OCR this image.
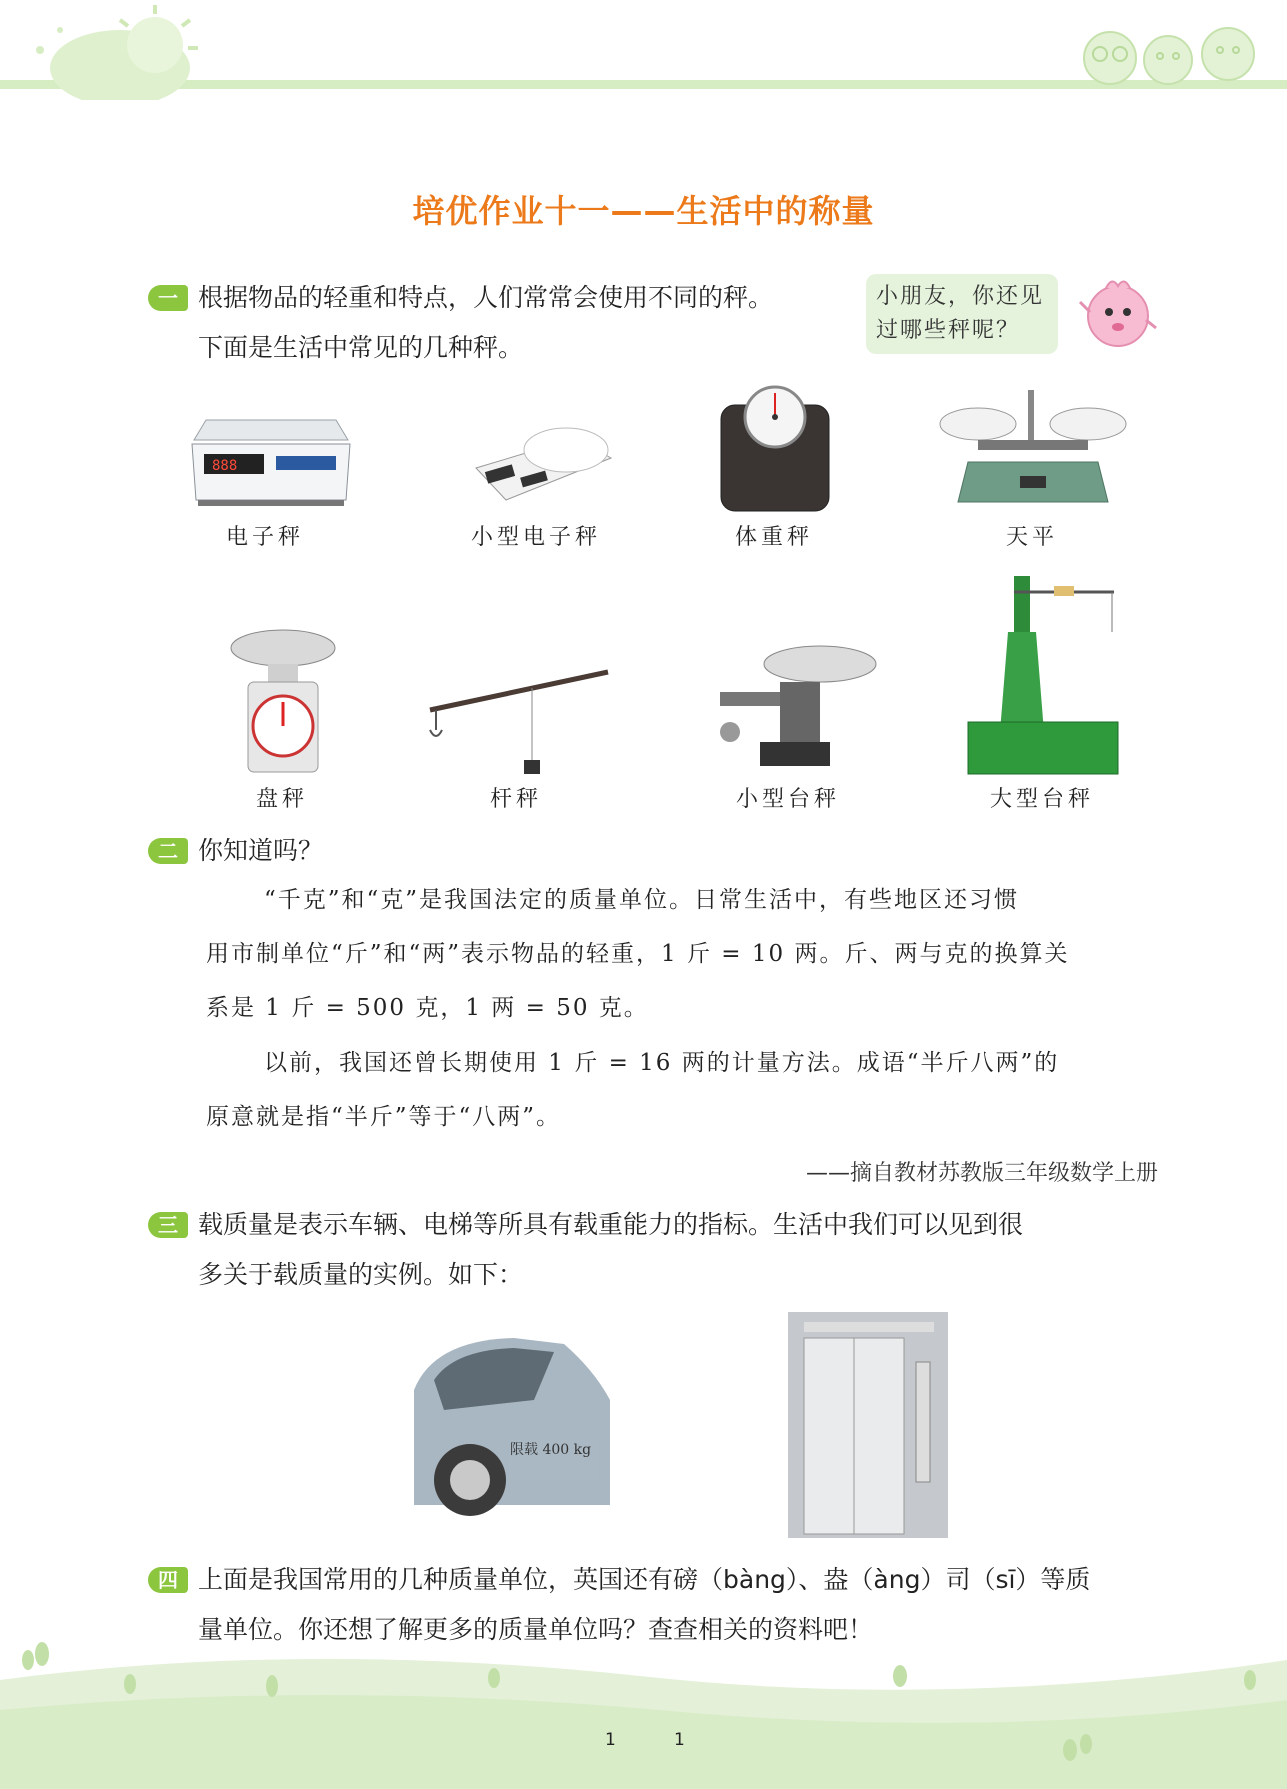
培优作业十一——生活中的称量
一 根据物品的轻重和特点，人们常常会使用不同的秤。
下面是生活中常见的几种秤。
小朋友，你还见
过哪些秤呢？
888
电子秤	小型电子秤	体重秤	天平
盘秤	杆秤	小型台秤	大型台秤
二 你知道吗？
“千克”和“克”是我国法定的质量单位。日常生活中，有些地区还习惯
用市制单位“斤”和“两”表示物品的轻重，1 斤 = 10 两。斤、两与克的换算关
系是 1 斤 = 500 克，1 两 = 50 克。
以前，我国还曾长期使用 1 斤 = 16 两的计量方法。成语“半斤八两”的
原意就是指“半斤”等于“八两”。
——摘自教材苏教版三年级数学上册
三 载质量是表示车辆、电梯等所具有载重能力的指标。生活中我们可以见到很
多关于载质量的实例。如下：
限载 400 kg
四 上面是我国常用的几种质量单位，英国还有磅（bàng）、盎（àng）司（sī）等质
量单位。你还想了解更多的质量单位吗？查查相关的资料吧！
1	1
